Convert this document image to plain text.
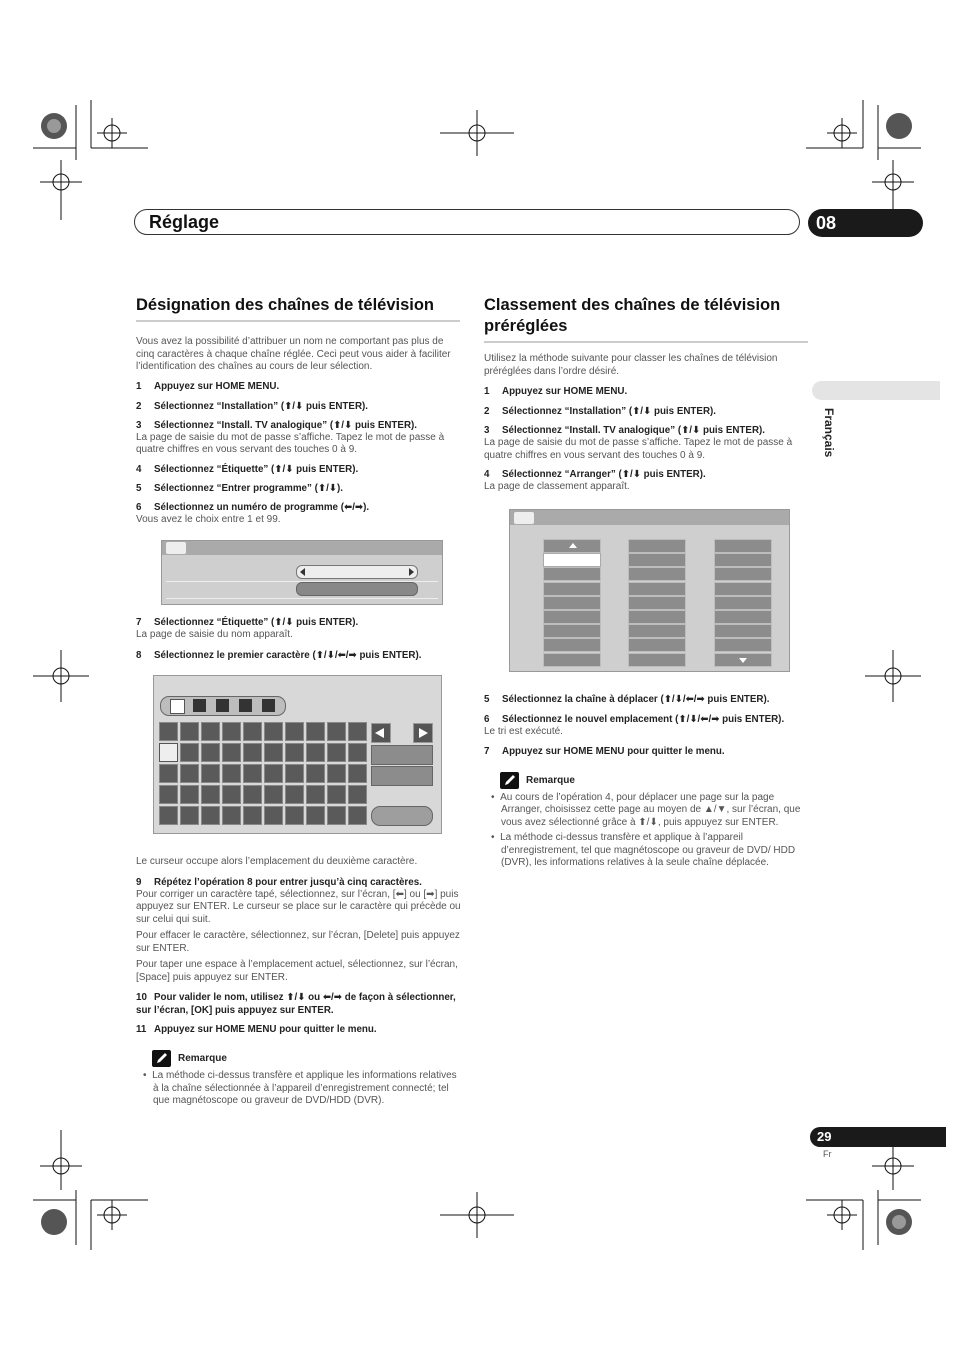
Réglage	08
Français
Désignation des chaînes de télévision

Vous avez la possibilité d’attribuer un nom ne comportant pas plus de cinq caractères à chaque chaîne réglée. Ceci peut vous aider à faciliter l’identification des chaînes au cours de leur sélection.

1 Appuyez sur HOME MENU.

2 Sélectionnez “Installation” (⬆/⬇ puis ENTER).

3 Sélectionnez “Install. TV analogique” (⬆/⬇ puis ENTER).

La page de saisie du mot de passe s’affiche. Tapez le mot de passe à quatre chiffres en vous servant des touches 0 à 9.

4 Sélectionnez “Étiquette” (⬆/⬇ puis ENTER).

5 Sélectionnez “Entrer programme” (⬆/⬇).

6 Sélectionnez un numéro de programme (⬅/➡).

Vous avez le choix entre 1 et 99.

7 Sélectionnez “Étiquette” (⬆/⬇ puis ENTER).

La page de saisie du nom apparaît.

8 Sélectionnez le premier caractère (⬆/⬇/⬅/➡ puis ENTER).

Le curseur occupe alors l’emplacement du deuxième caractère.

9 Répétez l’opération 8 pour entrer jusqu’à cinq caractères.

Pour corriger un caractère tapé, sélectionnez, sur l’écran, [⬅] ou [➡] puis appuyez sur ENTER. Le curseur se place sur le caractère qui précède ou sur celui qui suit.

Pour effacer le caractère, sélectionnez, sur l’écran, [Delete] puis appuyez sur ENTER.

Pour taper une espace à l’emplacement actuel, sélectionnez, sur l’écran, [Space] puis appuyez sur ENTER.

10 Pour valider le nom, utilisez ⬆/⬇ ou ⬅/➡ de façon à sélectionner, sur l’écran, [OK] puis appuyez sur ENTER.

11 Appuyez sur HOME MENU pour quitter le menu.

Remarque

•  La méthode ci-dessus transfère et applique les informations relatives à la chaîne sélectionnée à l’appareil d’enregistrement connecté; tel que magnétoscope ou graveur de DVD/HDD (DVR).

Classement des chaînes de télévision
préréglées

Utilisez la méthode suivante pour classer les chaînes de télévision préréglées dans l’ordre désiré.

1 Appuyez sur HOME MENU.

2 Sélectionnez “Installation” (⬆/⬇ puis ENTER).

3 Sélectionnez “Install. TV analogique” (⬆/⬇ puis ENTER).

La page de saisie du mot de passe s’affiche. Tapez le mot de passe à quatre chiffres en vous servant des touches 0 à 9.

4 Sélectionnez “Arranger” (⬆/⬇ puis ENTER).

La page de classement apparaît.

5 Sélectionnez la chaîne à déplacer (⬆/⬇/⬅/➡ puis ENTER).

6 Sélectionnez le nouvel emplacement (⬆/⬇/⬅/➡ puis ENTER).

Le tri est exécuté.

7 Appuyez sur HOME MENU pour quitter le menu.

Remarque

•  Au cours de l’opération 4, pour déplacer une page sur la page Arranger, choisissez cette page au moyen de ▲/▼, sur l’écran, que vous avez sélectionné grâce à ⬆/⬇, puis appuyez sur ENTER.

•  La méthode ci-dessus transfère et applique à l’appareil d’enregistrement, tel que magnétoscope ou graveur de DVD/ HDD (DVR), les informations relatives à la seule chaîne déplacée.

29
Fr
